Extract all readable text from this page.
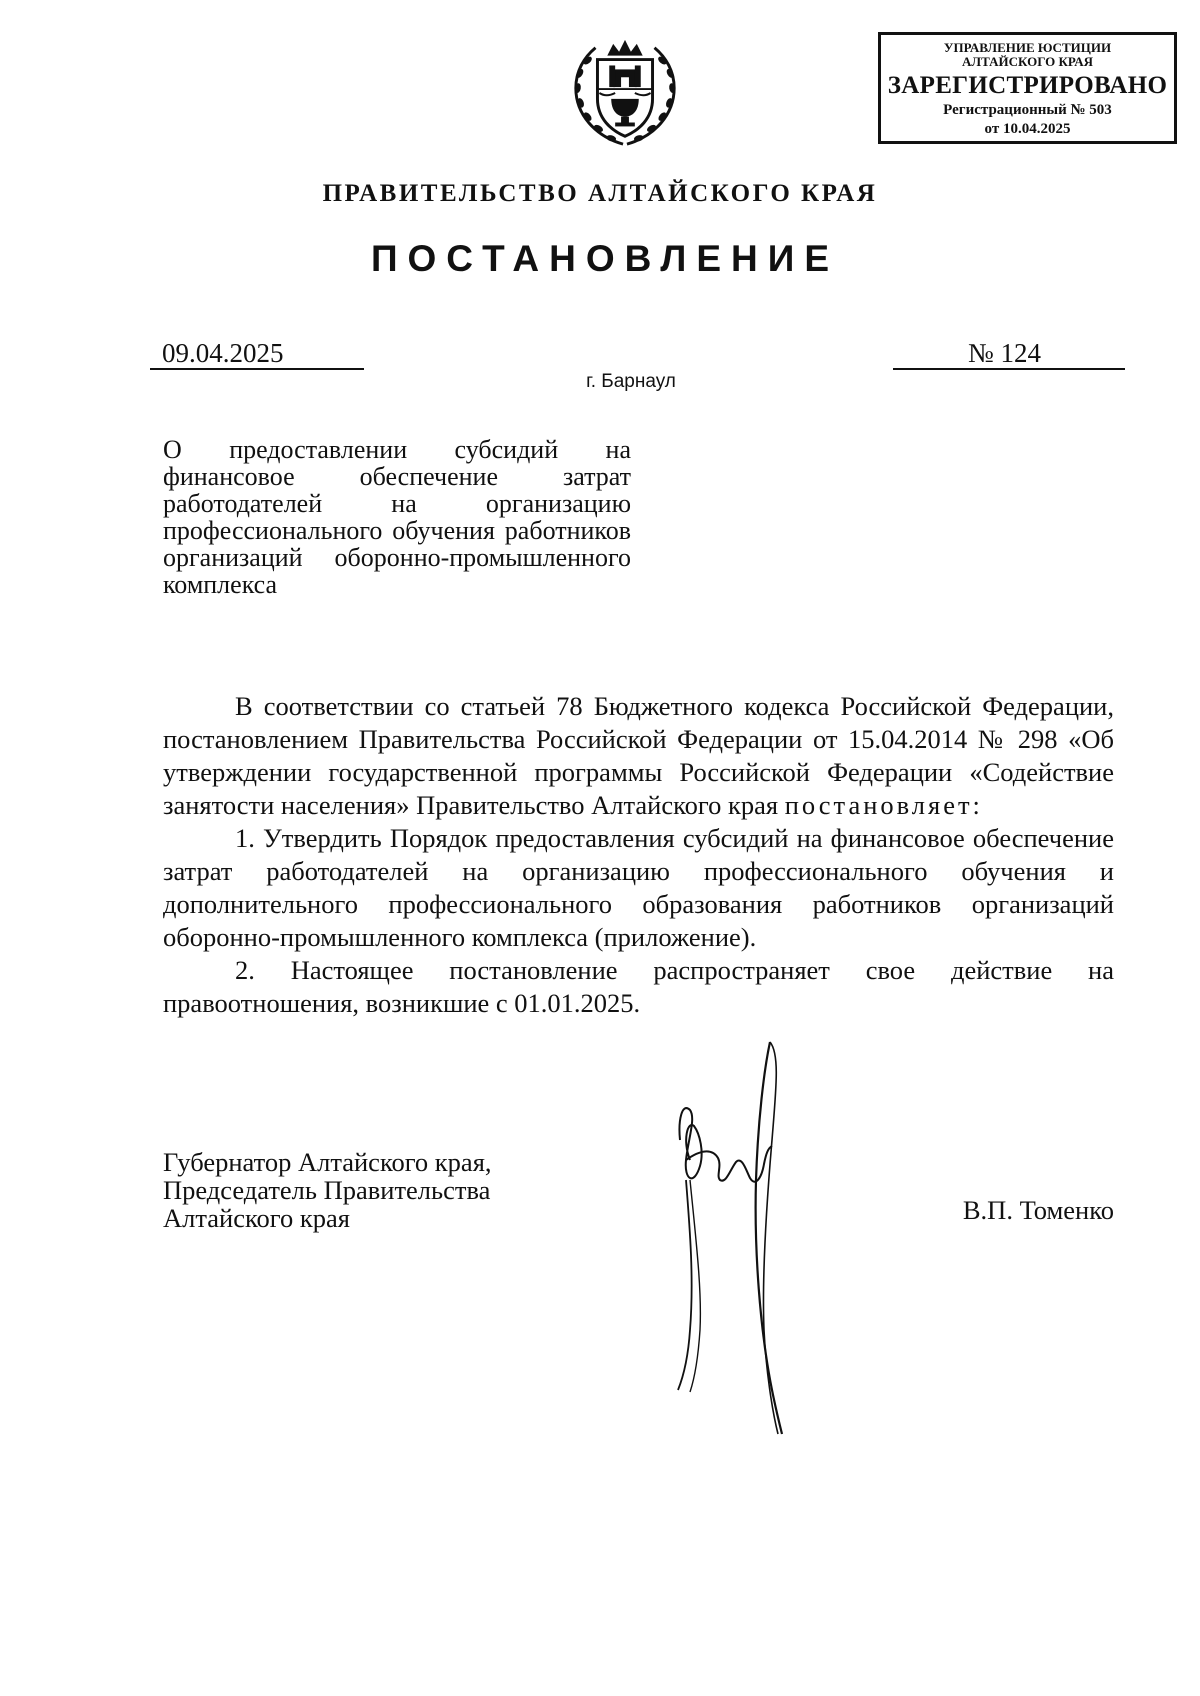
УПРАВЛЕНИЕ ЮСТИЦИИ
АЛТАЙСКОГО КРАЯ
ЗАРЕГИСТРИРОВАНО
Регистрационный № 503
от 10.04.2025
ПРАВИТЕЛЬСТВО АЛТАЙСКОГО КРАЯ
ПОСТАНОВЛЕНИЕ
09.04.2025	№ 124
г. Барнаул
О предоставлении субсидий на финансовое обеспечение затрат работодателей на организацию профессионального обучения работников организаций оборонно-промышленного комплекса

В соответствии со статьей 78 Бюджетного кодекса Российской Федерации, постановлением Правительства Российской Федерации от 15.04.2014 № 298 «Об утверждении государственной программы Российской Федерации «Содействие занятости населения» Правительство Алтайского края постановляет:

1. Утвердить Порядок предоставления субсидий на финансовое обеспечение затрат работодателей на организацию профессионального обучения и дополнительного профессионального образования работников организаций оборонно-промышленного комплекса (приложение).

2. Настоящее постановление распространяет свое действие на правоотношения, возникшие с 01.01.2025.

Губернатор Алтайского края,
Председатель Правительства
Алтайского края	В.П. Томенко
